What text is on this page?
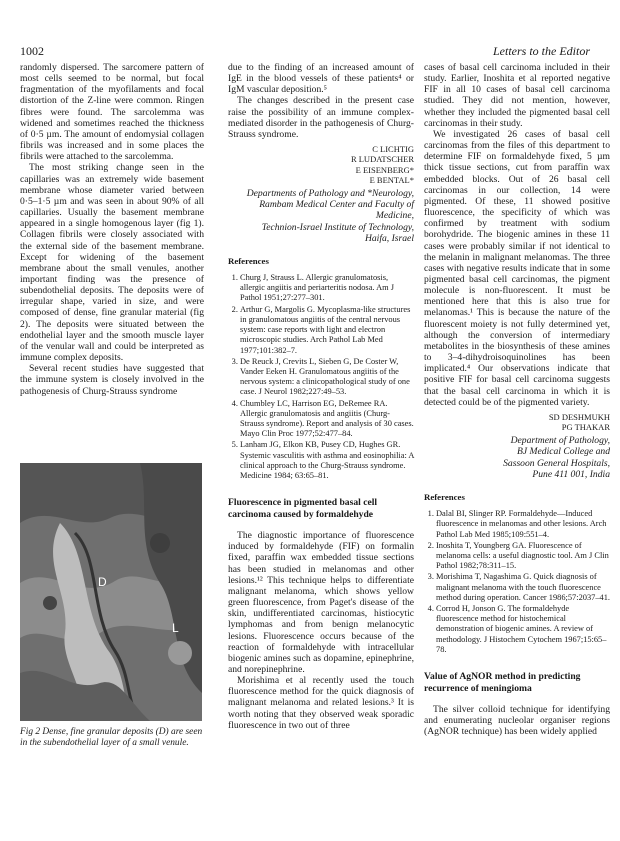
1002	Letters to the Editor

randomly dispersed. The sarcomere pattern of most cells seemed to be normal, but focal fragmentation of the myofilaments and focal distortion of the Z-line were common. Ringen fibres were found. The sarcolemma was widened and sometimes reached the thickness of 0·5 µm. The amount of endomysial collagen fibrils was increased and in some places the fibrils were attached to the sarcolemma.

The most striking change seen in the capillaries was an extremely wide basement membrane whose diameter varied between 0·5–1·5 µm and was seen in about 90% of all capillaries. Usually the basement membrane appeared in a single homogenous layer (fig 1). Collagen fibrils were closely associated with the external side of the basement membrane. Except for widening of the basement membrane about the small venules, another important finding was the presence of subendothelial deposits. The deposits were of irregular shape, varied in size, and were composed of dense, fine granular material (fig 2). The deposits were situated between the endothelial layer and the smooth muscle layer of the venular wall and could be interpreted as immune complex deposits.

Several recent studies have suggested that the immune system is closely involved in the pathogenesis of Churg-Strauss syndrome

D
L
Fig 2 Dense, fine granular deposits (D) are seen in the subendothelial layer of a small venule.

due to the finding of an increased amount of IgE in the blood vessels of these patients⁴ or IgM vascular deposition.⁵

The changes described in the present case raise the possibility of an immune complex-mediated disorder in the pathogenesis of Churg-Strauss syndrome.

C LICHTIG
R LUDATSCHER
E EISENBERG*
E BENTAL*
Departments of Pathology and *Neurology,
Rambam Medical Center and Faculty of
Medicine,
Technion-Israel Institute of Technology,
Haifa, Israel
References
1. Churg J, Strauss L. Allergic granulomatosis, allergic angiitis and periarteritis nodosa. Am J Pathol 1951;27:277–301.
2. Arthur G, Margolis G. Mycoplasma-like structures in granulomatous angiitis of the central nervous system: case reports with light and electron microscopic studies. Arch Pathol Lab Med 1977;101:382–7.
3. De Reuck J, Crevits L, Sieben G, De Coster W, Vander Eeken H. Granulomatous angiitis of the nervous system: a clinicopathological study of one case. J Neurol 1982;227:49–53.
4. Chumbley LC, Harrison EG, DeRemee RA. Allergic granulomatosis and angiitis (Churg-Strauss syndrome). Report and analysis of 30 cases. Mayo Clin Proc 1977;52:477–84.
5. Lanham JG, Elkon KB, Pusey CD, Hughes GR. Systemic vasculitis with asthma and eosinophilia: A clinical approach to the Churg-Strauss syndrome. Medicine 1984; 63:65–81.
Fluorescence in pigmented basal cell carcinoma caused by formaldehyde

The diagnostic importance of fluorescence induced by formaldehyde (FIF) on formalin fixed, paraffin wax embedded tissue sections has been studied in melanomas and other lesions.¹² This technique helps to differentiate malignant melanoma, which shows yellow green fluorescence, from Paget's disease of the skin, undifferentiated carcinomas, histiocytic lymphomas and from benign melanocytic lesions. Fluorescence occurs because of the reaction of formaldehyde with intracellular biogenic amines such as dopamine, epinephrine, and norepinephrine.

Morishima et al recently used the touch fluorescence method for the quick diagnosis of malignant melanoma and related lesions.³ It is worth noting that they observed weak sporadic fluorescence in two out of three

cases of basal cell carcinoma included in their study. Earlier, Inoshita et al reported negative FIF in all 10 cases of basal cell carcinoma studied. They did not mention, however, whether they included the pigmented basal cell carcinomas in their study.

We investigated 26 cases of basal cell carcinomas from the files of this department to determine FIF on formaldehyde fixed, 5 µm thick tissue sections, cut from paraffin wax embedded blocks. Out of 26 basal cell carcinomas in our collection, 14 were pigmented. Of these, 11 showed positive fluorescence, the specificity of which was confirmed by treatment with sodium borohydride. The biogenic amines in these 11 cases were probably similar if not identical to the melanin in malignant melanomas. The three cases with negative results indicate that in some pigmented basal cell carcinomas, the pigment molecule is non-fluorescent. It must be mentioned here that this is also true for melanomas.¹ This is because the nature of the fluorescent moiety is not fully determined yet, although the conversion of intermediary metabolites in the biosynthesis of these amines to 3–4-dihydroisoquinolines has been implicated.⁴ Our observations indicate that positive FIF for basal cell carcinoma suggests that the basal cell carcinoma in which it is detected could be of the pigmented variety.

SD DESHMUKH
PG THAKAR
Department of Pathology,
BJ Medical College and
Sassoon General Hospitals,
Pune 411 001, India
References
1. Dalal BI, Slinger RP. Formaldehyde—Induced fluorescence in melanomas and other lesions. Arch Pathol Lab Med 1985;109:551–4.
2. Inoshita T, Youngberg GA. Fluorescence of melanoma cells: a useful diagnostic tool. Am J Clin Pathol 1982;78:311–15.
3. Morishima T, Nagashima G. Quick diagnosis of malignant melanoma with the touch fluorescence method during operation. Cancer 1986;57:2037–41.
4. Corrod H, Jonson G. The formaldehyde fluorescence method for histochemical demonstration of biogenic amines. A review of methodology. J Histochem Cytochem 1967;15:65–78.
Value of AgNOR method in predicting recurrence of meningioma

The silver colloid technique for identifying and enumerating nucleolar organiser regions (AgNOR technique) has been widely applied
